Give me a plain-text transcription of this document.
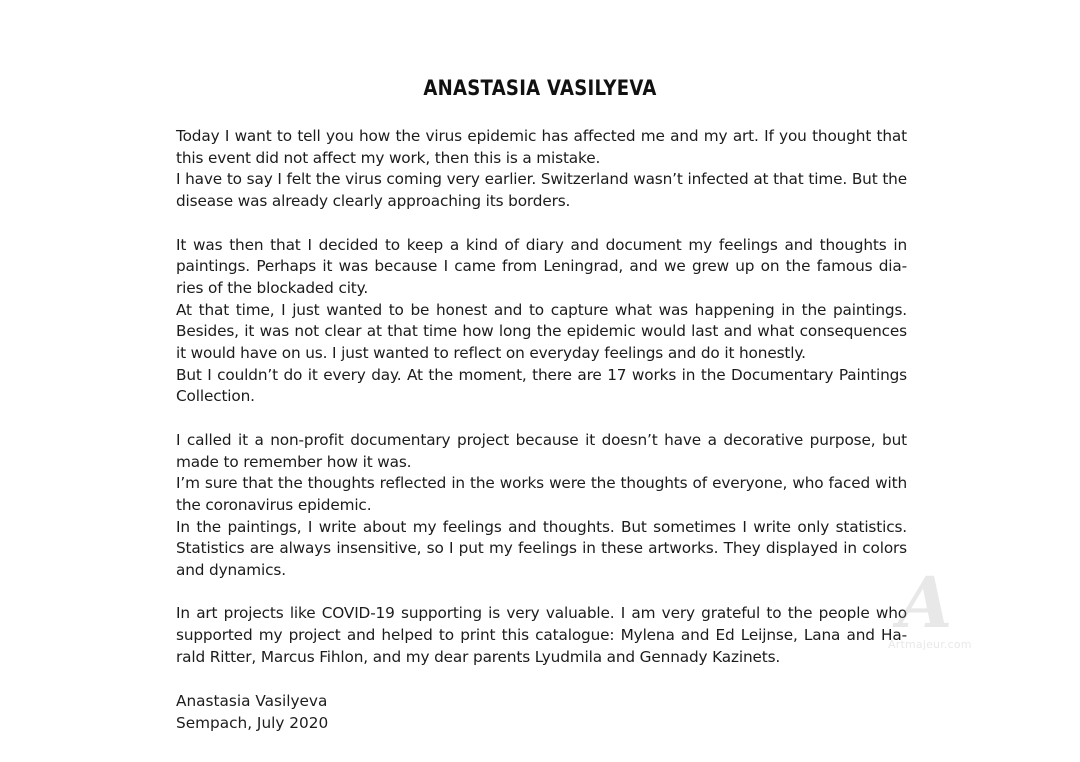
ANASTASIA VASILYEVA

Today I want to tell you how the virus epidemic has affected me and my art. If you thought that this event did not affect my work, then this is a mistake.

I have to say I felt the virus coming very earlier. Switzerland wasn’t infected at that time. But the disease was already clearly approaching its borders.

It was then that I decided to keep a kind of diary and document my feelings and thoughts in paintings. Perhaps it was because I came from Leningrad, and we grew up on the famous dia-ries of the blockaded city.

At that time, I just wanted to be honest and to capture what was happening in the paintings. Besides, it was not clear at that time how long the epidemic would last and what consequences it would have on us. I just wanted to reflect on everyday feelings and do it honestly.

But I couldn’t do it every day. At the moment, there are 17 works in the Documentary Paintings Collection.

I called it a non-profit documentary project because it doesn’t have a decorative purpose, but made to remember how it was.

I’m sure that the thoughts reflected in the works were the thoughts of everyone, who faced with the coronavirus epidemic.

In the paintings, I write about my feelings and thoughts. But sometimes I write only statistics. Statistics are always insensitive, so I put my feelings in these artworks. They displayed in colors and dynamics.

In art projects like COVID-19 supporting is very valuable. I am very grateful to the people who supported my project and helped to print this catalogue: Mylena and Ed Leijnse, Lana and Ha-rald Ritter, Marcus Fihlon, and my dear parents Lyudmila and Gennady Kazinets.

Anastasia Vasilyeva
Sempach, July 2020
A
Artmajeur.com
